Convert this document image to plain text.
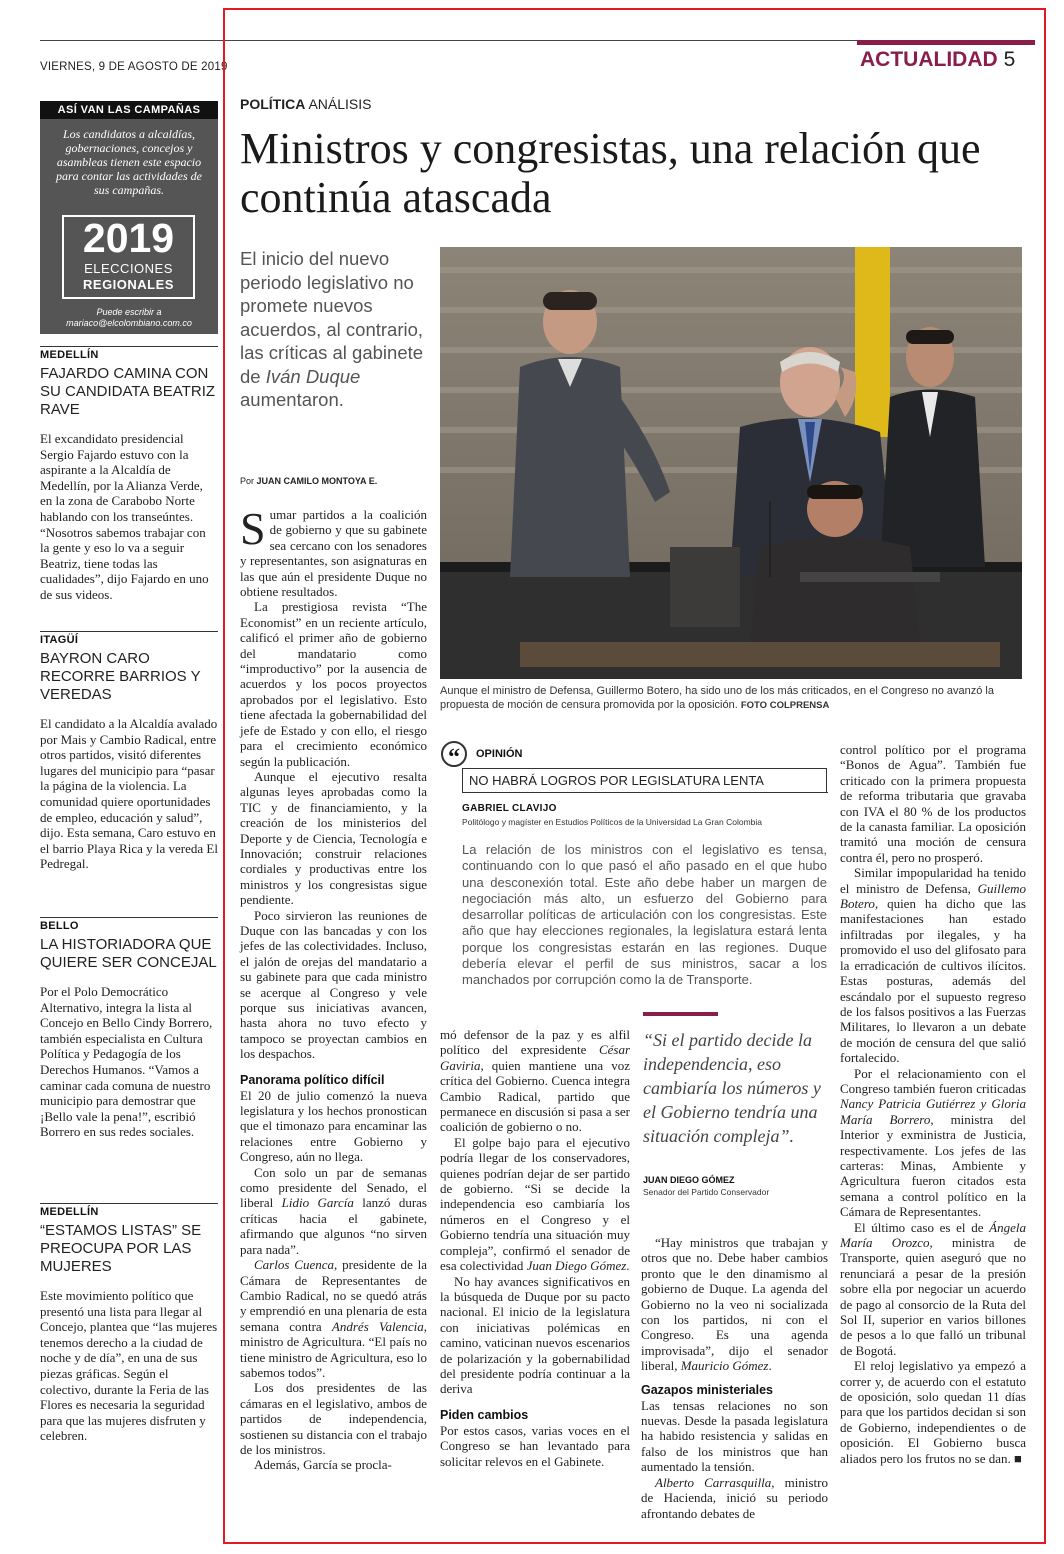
VIERNES, 9 DE AGOSTO DE 2019	ACTUALIDAD 5
ASÍ VAN LAS CAMPAÑAS
Los candidatos a alcaldías, gobernaciones, concejos y asambleas tienen este espacio para contar las actividades de sus campañas.
2019
ELECCIONES
REGIONALES
Puede escribir a
mariaco@elcolombiano.com.co
MEDELLÍN
FAJARDO CAMINA CON SU CANDIDATA BEATRIZ RAVE
El excandidato presidencial Sergio Fajardo estuvo con la aspirante a la Alcaldía de Medellín, por la Alianza Verde, en la zona de Carabobo Norte hablando con los transeúntes. “Nosotros sabemos trabajar con la gente y eso lo va a seguir Beatriz, tiene todas las cualidades”, dijo Fajardo en uno de sus videos.
ITAGÜÍ
BAYRON CARO RECORRE BARRIOS Y VEREDAS
El candidato a la Alcaldía avalado por Mais y Cambio Radical, entre otros partidos, visitó diferentes lugares del municipio para “pasar la página de la violencia. La comunidad quiere oportunidades de empleo, educación y salud”, dijo. Esta semana, Caro estuvo en el barrio Playa Rica y la vereda El Pedregal.
BELLO
LA HISTORIADORA QUE QUIERE SER CONCEJAL
Por el Polo Democrático Alternativo, integra la lista al Concejo en Bello Cindy Borrero, también especialista en Cultura Política y Pedagogía de los Derechos Humanos. “Vamos a caminar cada comuna de nuestro municipio para demostrar que ¡Bello vale la pena!”, escribió Borrero en sus redes sociales.
MEDELLÍN
“ESTAMOS LISTAS” SE PREOCUPA POR LAS MUJERES
Este movimiento político que presentó una lista para llegar al Concejo, plantea que “las mujeres tenemos derecho a la ciudad de noche y de día”, en una de sus piezas gráficas. Según el colectivo, durante la Feria de las Flores es necesaria la seguridad para que las mujeres disfruten y celebren.
POLÍTICA ANÁLISIS
Ministros y congresistas, una relación que continúa atascada
El inicio del nuevo periodo legislativo no promete nuevos acuerdos, al contrario, las críticas al gabinete de Iván Duque aumentaron.
Por JUAN CAMILO MONTOYA E.
Aunque el ministro de Defensa, Guillermo Botero, ha sido uno de los más criticados, en el Congreso no avanzó la propuesta de moción de censura promovida por la oposición. FOTO COLPRENSA

Sumar partidos a la coalición de gobierno y que su gabinete sea cercano con los senadores y representantes, son asignaturas en las que aún el presidente Duque no obtiene resultados.

La prestigiosa revista “The Economist” en un reciente artículo, calificó el primer año de gobierno del mandatario como “improductivo” por la ausencia de acuerdos y los pocos proyectos aprobados por el legislativo. Esto tiene afectada la gobernabilidad del jefe de Estado y con ello, el riesgo para el crecimiento económico según la publicación.

Aunque el ejecutivo resalta algunas leyes aprobadas como la TIC y de financiamiento, y la creación de los ministerios del Deporte y de Ciencia, Tecnología e Innovación; construir relaciones cordiales y productivas entre los ministros y los congresistas sigue pendiente.

Poco sirvieron las reuniones de Duque con las bancadas y con los jefes de las colectividades. Incluso, el jalón de orejas del mandatario a su gabinete para que cada ministro se acerque al Congreso y vele porque sus iniciativas avancen, hasta ahora no tuvo efecto y tampoco se proyectan cambios en los despachos.

Panorama político difícil

El 20 de julio comenzó la nueva legislatura y los hechos pronostican que el timonazo para encaminar las relaciones entre Gobierno y Congreso, aún no llega.

Con solo un par de semanas como presidente del Senado, el liberal Lidio García lanzó duras críticas hacia el gabinete, afirmando que algunos “no sirven para nada”.

Carlos Cuenca, presidente de la Cámara de Representantes de Cambio Radical, no se quedó atrás y emprendió en una plenaria de esta semana contra Andrés Valencia, ministro de Agricultura. “El país no tiene ministro de Agricultura, eso lo sabemos todos”.

Los dos presidentes de las cámaras en el legislativo, ambos de partidos de independencia, sostienen su distancia con el trabajo de los ministros.

Además, García se procla-

“	OPINIÓN
NO HABRÁ LOGROS POR LEGISLATURA LENTA
GABRIEL CLAVIJO
Politólogo y magíster en Estudios Políticos de la Universidad La Gran Colombia
La relación de los ministros con el legislativo es tensa, continuando con lo que pasó el año pasado en el que hubo una desconexión total. Este año debe haber un margen de negociación más alto, un esfuerzo del Gobierno para desarrollar políticas de articulación con los congresistas. Este año que hay elecciones regionales, la legislatura estará lenta porque los congresistas estarán en las regiones. Duque debería elevar el perfil de sus ministros, sacar a los manchados por corrupción como la de Transporte.

mó defensor de la paz y es alfil político del expresidente César Gaviria, quien mantiene una voz crítica del Gobierno. Cuenca integra Cambio Radical, partido que permanece en discusión si pasa a ser coalición de gobierno o no.

El golpe bajo para el ejecutivo podría llegar de los conservadores, quienes podrían dejar de ser partido de gobierno. “Si se decide la independencia eso cambiaría los números en el Congreso y el Gobierno tendría una situación muy compleja”, confirmó el senador de esa colectividad Juan Diego Gómez.

No hay avances significativos en la búsqueda de Duque por su pacto nacional. El inicio de la legislatura con iniciativas polémicas en camino, vaticinan nuevos escenarios de polarización y la gobernabilidad del presidente podría continuar a la deriva

Piden cambios

Por estos casos, varias voces en el Congreso se han levantado para solicitar relevos en el Gabinete.

“Si el partido decide la independencia, eso cambiaría los números y el Gobierno tendría una situación compleja”.
JUAN DIEGO GÓMEZ
Senador del Partido Conservador

“Hay ministros que trabajan y otros que no. Debe haber cambios pronto que le den dinamismo al gobierno de Duque. La agenda del Gobierno no la veo ni socializada con los partidos, ni con el Congreso. Es una agenda improvisada”, dijo el senador liberal, Mauricio Gómez.

Gazapos ministeriales

Las tensas relaciones no son nuevas. Desde la pasada legislatura ha habido resistencia y salidas en falso de los ministros que han aumentado la tensión.

Alberto Carrasquilla, ministro de Hacienda, inició su periodo afrontando debates de

control político por el programa “Bonos de Agua”. También fue criticado con la primera propuesta de reforma tributaria que gravaba con IVA el 80 % de los productos de la canasta familiar. La oposición tramitó una moción de censura contra él, pero no prosperó.

Similar impopularidad ha tenido el ministro de Defensa, Guillemo Botero, quien ha dicho que las manifestaciones han estado infiltradas por ilegales, y ha promovido el uso del glifosato para la erradicación de cultivos ilícitos. Estas posturas, además del escándalo por el supuesto regreso de los falsos positivos a las Fuerzas Militares, lo llevaron a un debate de moción de censura del que salió fortalecido.

Por el relacionamiento con el Congreso también fueron criticadas Nancy Patricia Gutiérrez y Gloria María Borrero, ministra del Interior y exministra de Justicia, respectivamente. Los jefes de las carteras: Minas, Ambiente y Agricultura fueron citados esta semana a control político en la Cámara de Representantes.

El último caso es el de Ángela María Orozco, ministra de Transporte, quien aseguró que no renunciará a pesar de la presión sobre ella por negociar un acuerdo de pago al consorcio de la Ruta del Sol II, superior en varios billones de pesos a lo que falló un tribunal de Bogotá.

El reloj legislativo ya empezó a correr y, de acuerdo con el estatuto de oposición, solo quedan 11 días para que los partidos decidan si son de Gobierno, independientes o de oposición. El Gobierno busca aliados pero los frutos no se dan. ■
